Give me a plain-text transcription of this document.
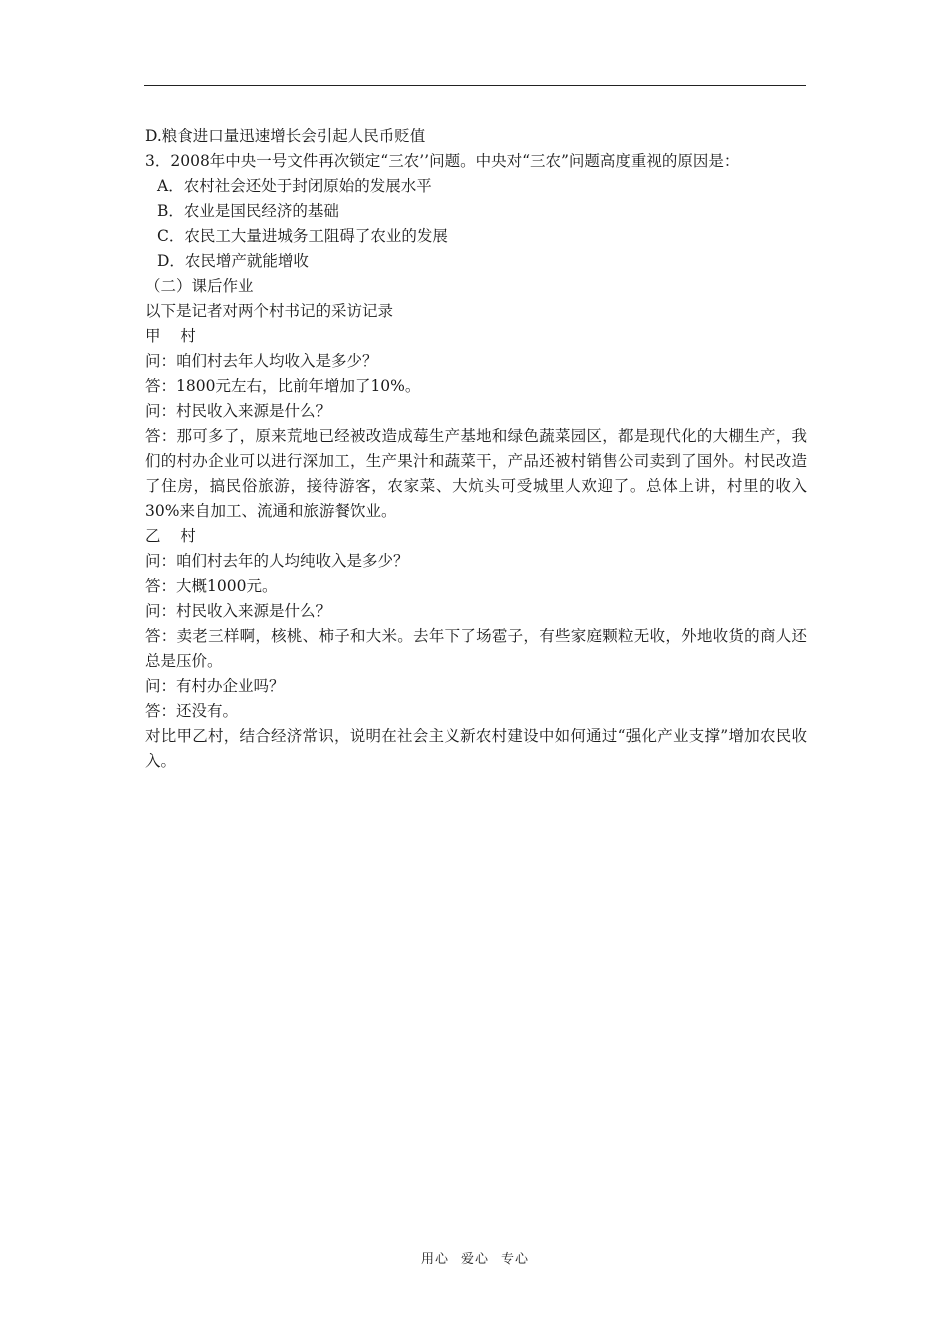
D.粮食进口量迅速增长会引起人民币贬值

3．2008年中央一号文件再次锁定“三农’’问题。中央对“三农”问题高度重视的原因是：

A．农村社会还处于封闭原始的发展水平

B．农业是国民经济的基础

C．农民工大量进城务工阻碍了农业的发展

D．农民增产就能增收

（二）课后作业

以下是记者对两个村书记的采访记录

甲    村

问：咱们村去年人均收入是多少？

答：1800元左右，比前年增加了10%。

问：村民收入来源是什么？

答：那可多了，原来荒地已经被改造成莓生产基地和绿色蔬菜园区，都是现代化的大棚生产，我们的村办企业可以进行深加工，生产果汁和蔬菜干，产品还被村销售公司卖到了国外。村民改造了住房，搞民俗旅游，接待游客，农家菜、大炕头可受城里人欢迎了。总体上讲，村里的收入30%来自加工、流通和旅游餐饮业。

乙    村

问：咱们村去年的人均纯收入是多少？

答：大概1000元。

问：村民收入来源是什么？

答：卖老三样啊，核桃、柿子和大米。去年下了场雹子，有些家庭颗粒无收，外地收货的商人还总是压价。

问：有村办企业吗？

答：还没有。

对比甲乙村，结合经济常识，说明在社会主义新农村建设中如何通过“强化产业支撑”增加农民收入。

用心 爱心 专心
